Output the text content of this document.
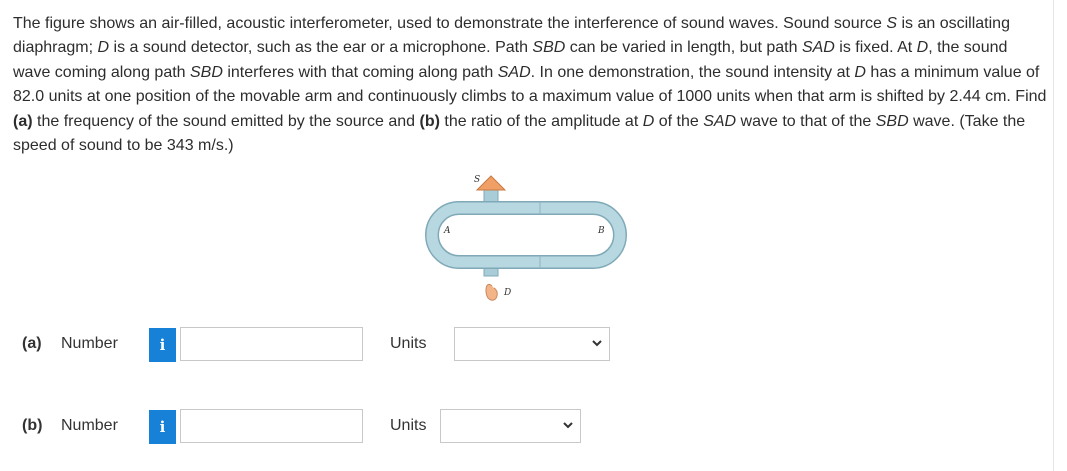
The figure shows an air-filled, acoustic interferometer, used to demonstrate the interference of sound waves. Sound source S is an oscillating diaphragm; D is a sound detector, such as the ear or a microphone. Path SBD can be varied in length, but path SAD is fixed. At D, the sound wave coming along path SBD interferes with that coming along path SAD. In one demonstration, the sound intensity at D has a minimum value of 82.0 units at one position of the movable arm and continuously climbs to a maximum value of 1000 units when that arm is shifted by 2.44 cm. Find (a) the frequency of the sound emitted by the source and (b) the ratio of the amplitude at D of the SAD wave to that of the SBD wave. (Take the speed of sound to be 343 m/s.)

S
A	B
D
(a) Number	i	Units
(b) Number	i	Units
